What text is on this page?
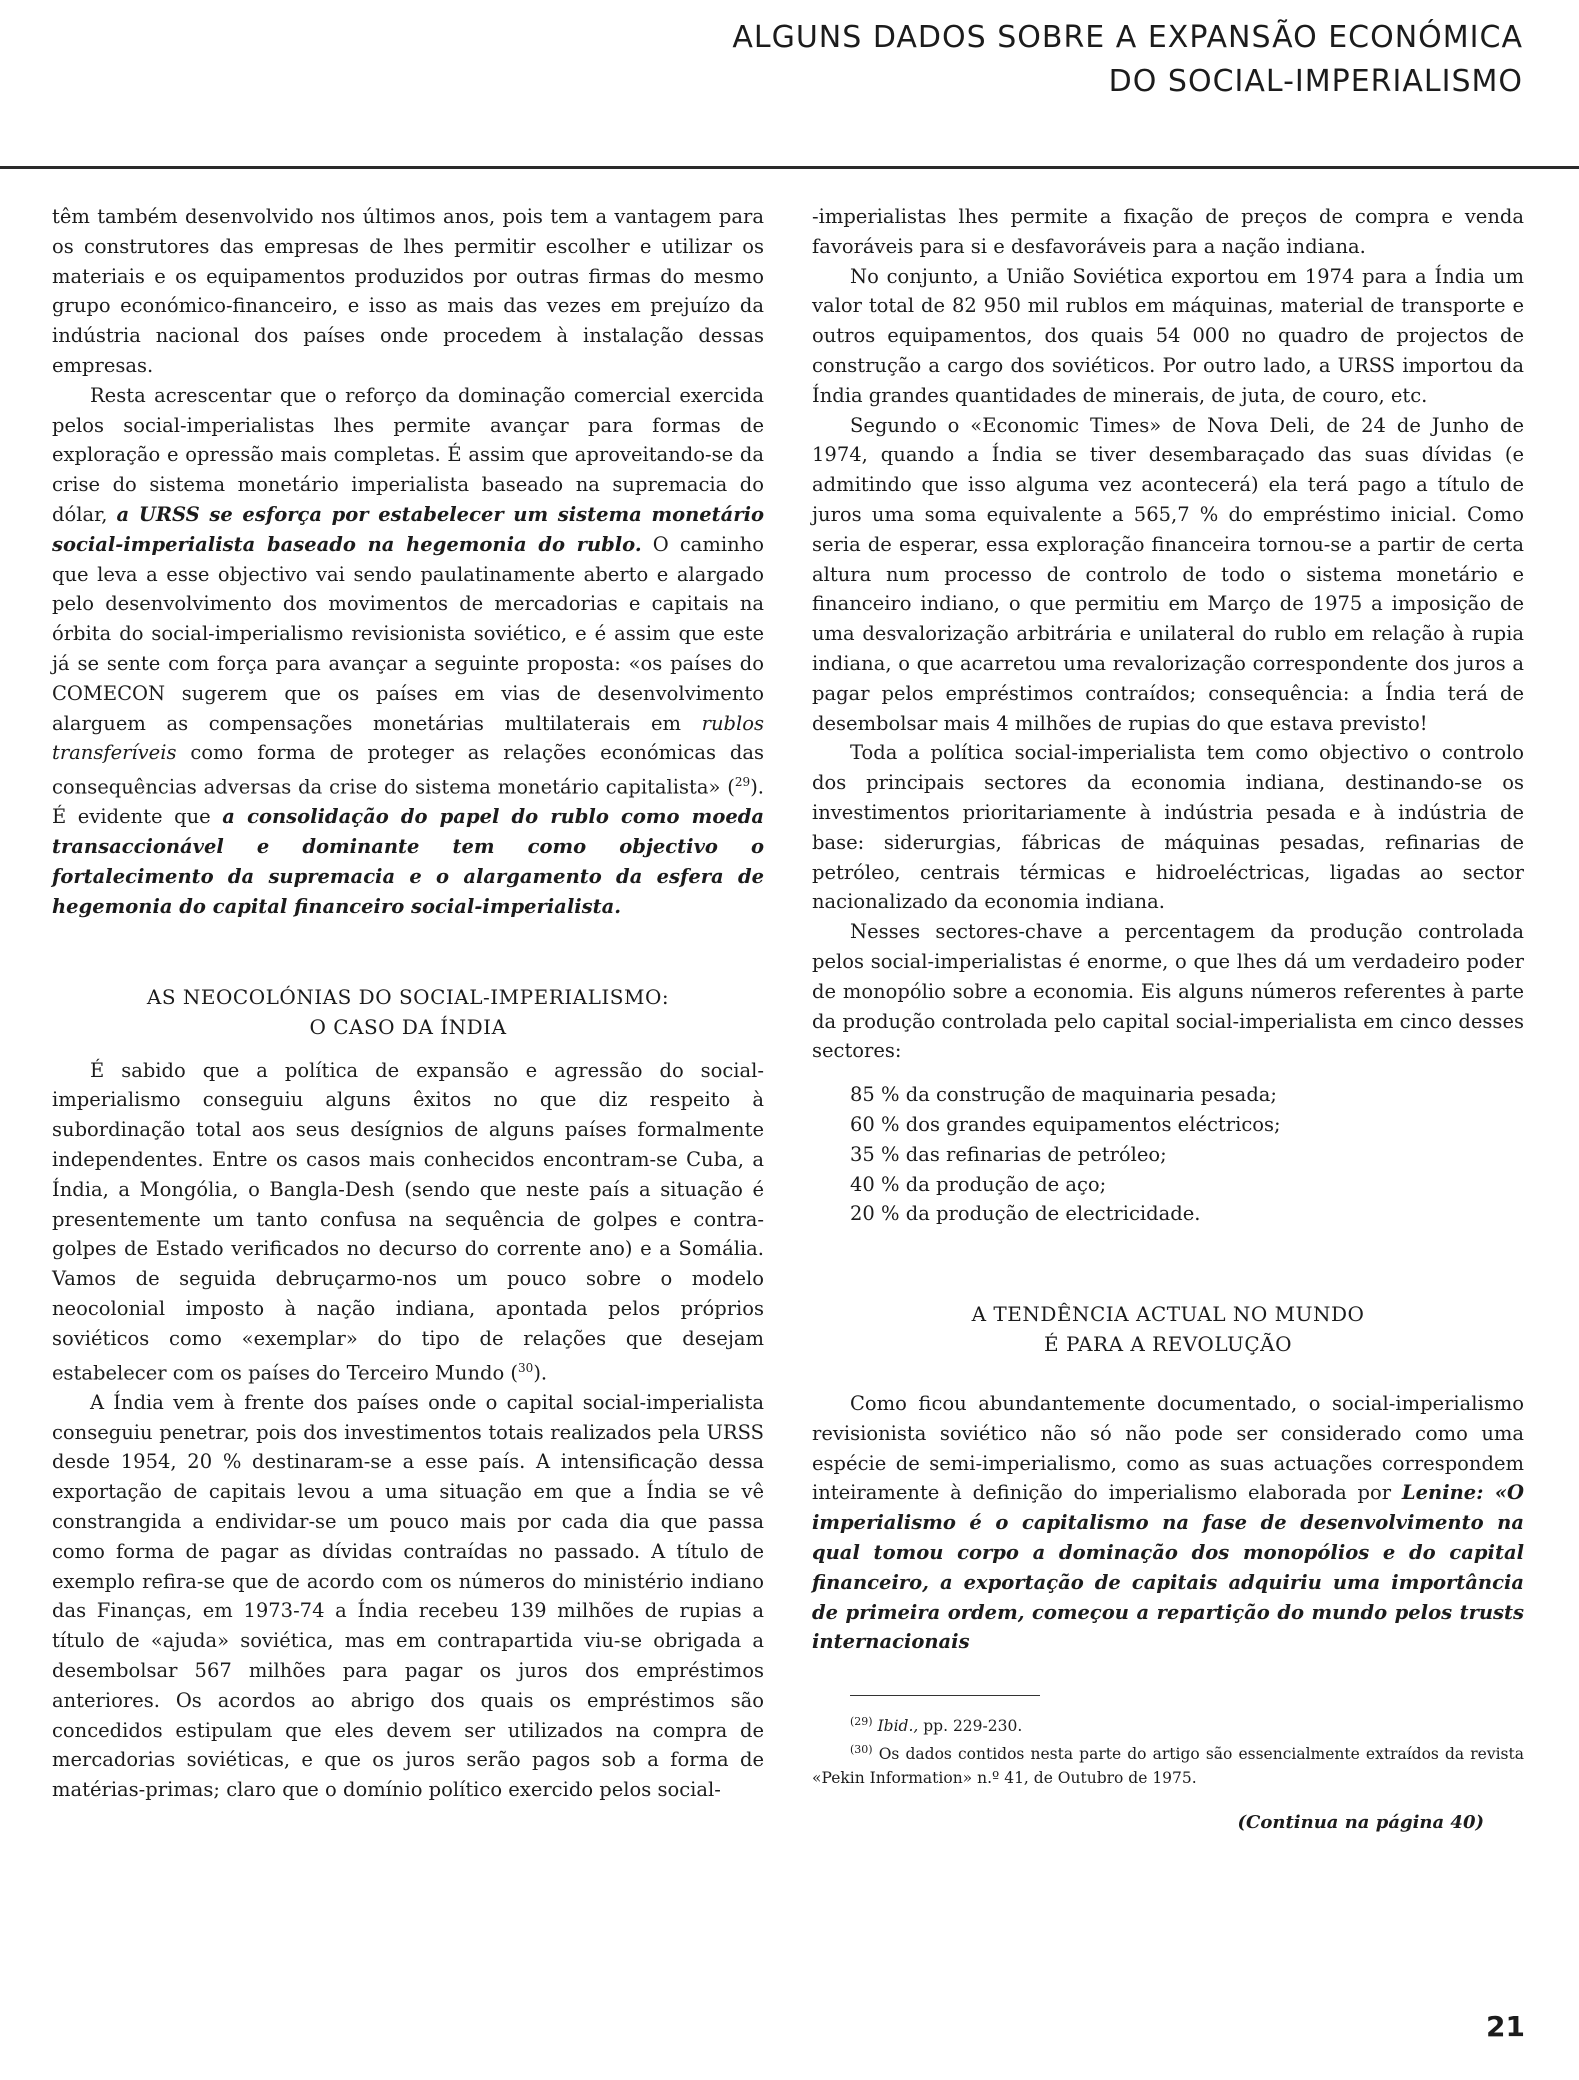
ALGUNS DADOS SOBRE A EXPANSÃO ECONÓMICA
DO SOCIAL-IMPERIALISMO

têm também desenvolvido nos últimos anos, pois tem a vantagem para os construtores das empresas de lhes permitir escolher e utilizar os materiais e os equipamentos produzidos por outras firmas do mesmo grupo económico-financeiro, e isso as mais das vezes em prejuízo da indústria nacional dos países onde procedem à instalação dessas empresas.

Resta acrescentar que o reforço da dominação comercial exercida pelos social-imperialistas lhes permite avançar para formas de exploração e opressão mais completas. É assim que aproveitando-se da crise do sistema monetário imperialista baseado na supremacia do dólar, a URSS se esforça por estabelecer um sistema monetário social-imperialista baseado na hegemonia do rublo. O caminho que leva a esse objectivo vai sendo paulatinamente aberto e alargado pelo desenvolvimento dos movimentos de mercadorias e capitais na órbita do social-imperialismo revisionista soviético, e é assim que este já se sente com força para avançar a seguinte proposta: «os países do COMECON sugerem que os países em vias de desenvolvimento alarguem as compensações monetárias multilaterais em rublos transferíveis como forma de proteger as relações económicas das consequências adversas da crise do sistema monetário capitalista» ($^{29}$). É evidente que a consolidação do papel do rublo como moeda transaccionável e dominante tem como objectivo o fortalecimento da supremacia e o alargamento da esfera de hegemonia do capital financeiro social-imperialista.

AS NEOCOLÓNIAS DO SOCIAL-IMPERIALISMO:

O CASO DA ÍNDIA

É sabido que a política de expansão e agressão do social-imperialismo conseguiu alguns êxitos no que diz respeito à subordinação total aos seus desígnios de alguns países formalmente independentes. Entre os casos mais conhecidos encontram-se Cuba, a Índia, a Mongólia, o Bangla-Desh (sendo que neste país a situação é presentemente um tanto confusa na sequência de golpes e contra-golpes de Estado verificados no decurso do corrente ano) e a Somália. Vamos de seguida debruçarmo-nos um pouco sobre o modelo neocolonial imposto à nação indiana, apontada pelos próprios soviéticos como «exemplar» do tipo de relações que desejam estabelecer com os países do Terceiro Mundo ($^{30}$).

A Índia vem à frente dos países onde o capital social-imperialista conseguiu penetrar, pois dos investimentos totais realizados pela URSS desde 1954, 20 % destinaram-se a esse país. A intensificação dessa exportação de capitais levou a uma situação em que a Índia se vê constrangida a endividar-se um pouco mais por cada dia que passa como forma de pagar as dívidas contraídas no passado. A título de exemplo refira-se que de acordo com os números do ministério indiano das Finanças, em 1973-74 a Índia recebeu 139 milhões de rupias a título de «ajuda» soviética, mas em contrapartida viu-se obrigada a desembolsar 567 milhões para pagar os juros dos empréstimos anteriores. Os acordos ao abrigo dos quais os empréstimos são concedidos estipulam que eles devem ser utilizados na compra de mercadorias soviéticas, e que os juros serão pagos sob a forma de matérias-primas; claro que o domínio político exercido pelos social-

-imperialistas lhes permite a fixação de preços de compra e venda favoráveis para si e desfavoráveis para a nação indiana.

No conjunto, a União Soviética exportou em 1974 para a Índia um valor total de 82 950 mil rublos em máquinas, material de transporte e outros equipamentos, dos quais 54 000 no quadro de projectos de construção a cargo dos soviéticos. Por outro lado, a URSS importou da Índia grandes quantidades de minerais, de juta, de couro, etc.

Segundo o «Economic Times» de Nova Deli, de 24 de Junho de 1974, quando a Índia se tiver desembaraçado das suas dívidas (e admitindo que isso alguma vez acontecerá) ela terá pago a título de juros uma soma equivalente a 565,7 % do empréstimo inicial. Como seria de esperar, essa exploração financeira tornou-se a partir de certa altura num processo de controlo de todo o sistema monetário e financeiro indiano, o que permitiu em Março de 1975 a imposição de uma desvalorização arbitrária e unilateral do rublo em relação à rupia indiana, o que acarretou uma revalorização correspondente dos juros a pagar pelos empréstimos contraídos; consequência: a Índia terá de desembolsar mais 4 milhões de rupias do que estava previsto!

Toda a política social-imperialista tem como objectivo o controlo dos principais sectores da economia indiana, destinando-se os investimentos prioritariamente à indústria pesada e à indústria de base: siderurgias, fábricas de máquinas pesadas, refinarias de petróleo, centrais térmicas e hidroeléctricas, ligadas ao sector nacionalizado da economia indiana.

Nesses sectores-chave a percentagem da produção controlada pelos social-imperialistas é enorme, o que lhes dá um verdadeiro poder de monopólio sobre a economia. Eis alguns números referentes à parte da produção controlada pelo capital social-imperialista em cinco desses sectores:

85 % da construção de maquinaria pesada;

60 % dos grandes equipamentos eléctricos;

35 % das refinarias de petróleo;

40 % da produção de aço;

20 % da produção de electricidade.

A TENDÊNCIA ACTUAL NO MUNDO

É PARA A REVOLUÇÃO

Como ficou abundantemente documentado, o social-imperialismo revisionista soviético não só não pode ser considerado como uma espécie de semi-imperialismo, como as suas actuações correspondem inteiramente à definição do imperialismo elaborada por Lenine: «O imperialismo é o capitalismo na fase de desenvolvimento na qual tomou corpo a dominação dos monopólios e do capital financeiro, a exportação de capitais adquiriu uma importância de primeira ordem, começou a repartição do mundo pelos trusts internacionais

$^{(29)}$ Ibid., pp. 229-230.

$^{(30)}$ Os dados contidos nesta parte do artigo são essencialmente extraídos da revista «Pekin Information» n.º 41, de Outubro de 1975.

(Continua na página 40)
21
